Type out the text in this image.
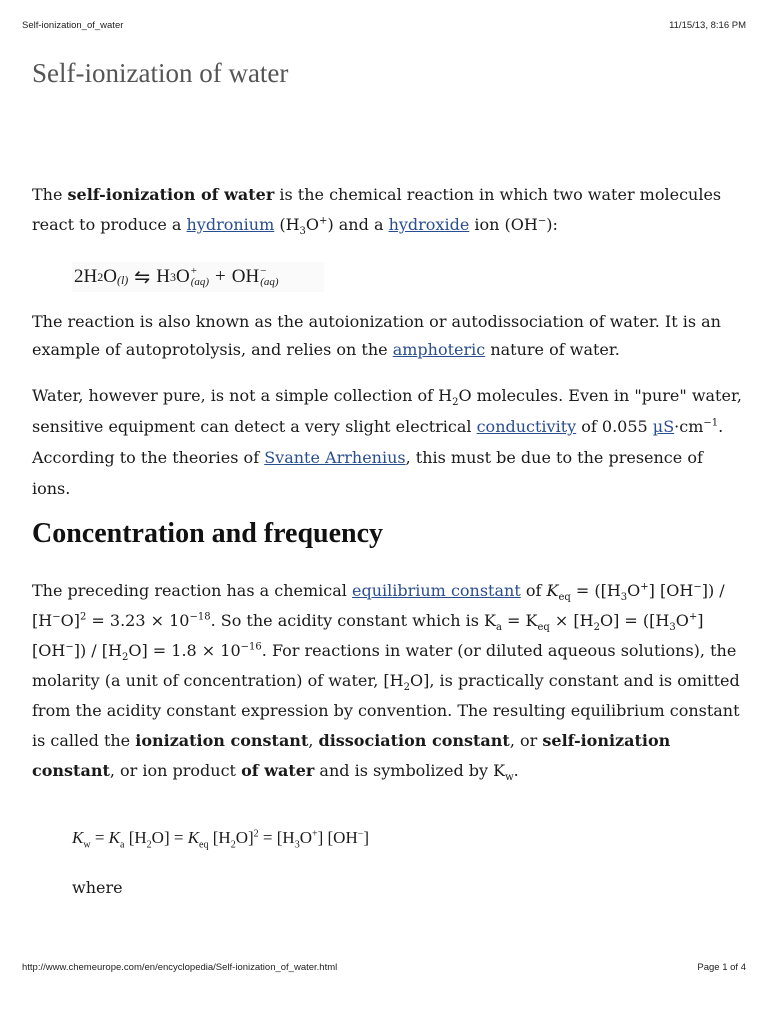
Self-ionization_of_water	11/15/13, 8:16 PM
Self-ionization of water
The self-ionization of water is the chemical reaction in which two water molecules react to produce a hydronium $(H_3O^+)$ and a hydroxide ion (OH−):
2H 2 O (l) ⇋ H 3 O +
(aq) + OH −
(aq)
The reaction is also known as the autoionization or autodissociation of water. It is an example of autoprotolysis, and relies on the amphoteric nature of water.
Water, however pure, is not a simple collection of $H_2O$ molecules. Even in "pure" water, sensitive equipment can detect a very slight electrical conductivity of 0.055 $\mu S\cdot cm^{-1}$. According to the theories of Svante Arrhenius, this must be due to the presence of ions.
Concentration and frequency
The preceding reaction has a chemical equilibrium constant of $K_{eq} = ([H_3O^+]$ $[OH^-]) / [H^-O]^2 = 3.23 \times 10^{-18}$. So the acidity constant which is $K_a = K_{eq} \times [H_2O] = ([H_3O^+]$ $[OH^-]) / [H_2O] = 1.8 \times 10^{-16}$. For reactions in water (or diluted aqueous solutions), the molarity (a unit of concentration) of water, $[H_2O]$, is practically constant and is omitted from the acidity constant expression by convention. The resulting equilibrium constant is called the ionization constant, dissociation constant, or self-ionization constant, or ion product of water and is symbolized by $K_w$.
$K_w = K_a$ $[H_2O] = K_{eq}$ $[H_2O]^2 = [H_3O^+]$ [OH−]
where
http://www.chemeurope.com/en/encyclopedia/Self-ionization_of_water.html	Page 1 of 4
